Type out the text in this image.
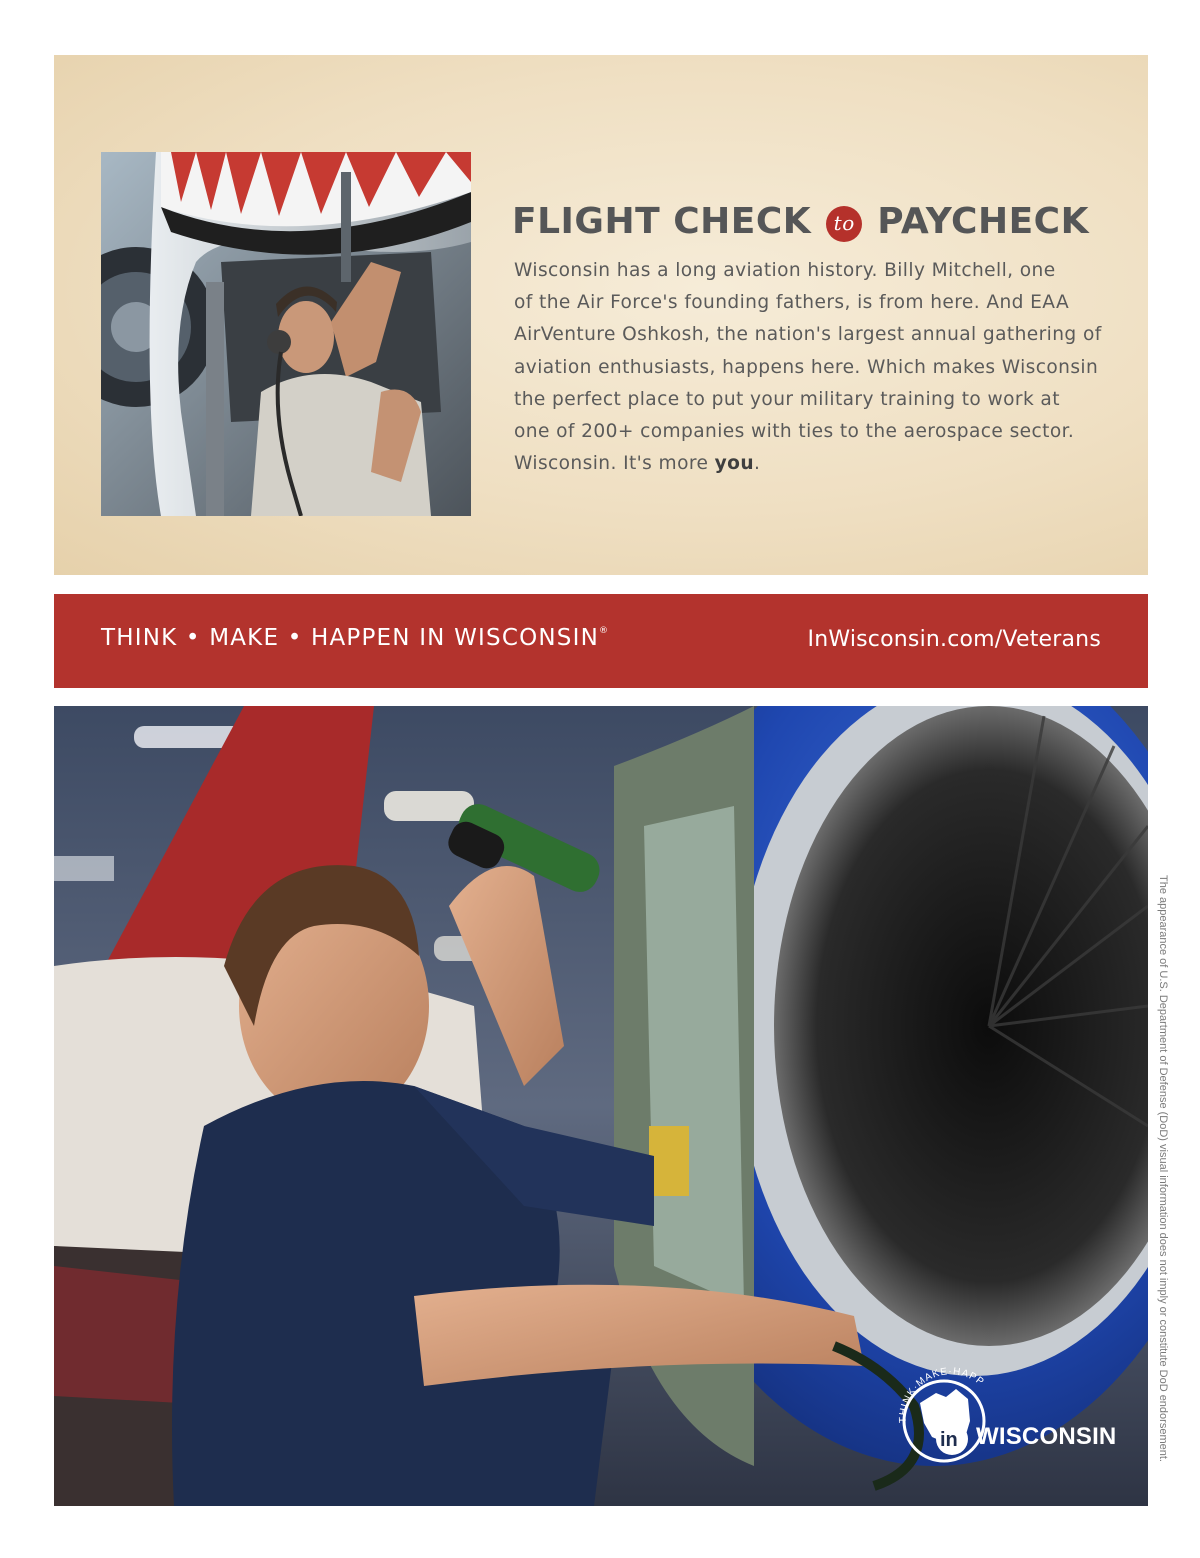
FLIGHT CHECK to PAYCHECK

Wisconsin has a long aviation history. Billy Mitchell, one
of the Air Force's founding fathers, is from here. And EAA
AirVenture Oshkosh, the nation's largest annual gathering of
aviation enthusiasts, happens here. Which makes Wisconsin
the perfect place to put your military training to work at
one of 200+ companies with ties to the aerospace sector.
Wisconsin. It's more you.

THINK • MAKE • HAPPEN IN WISCONSIN®	InWisconsin.com/Veterans
THINK·MAKE·HAPP
in WISCONSIN	The appearance of U.S. Department of Defense (DoD) visual information does not imply or constitute DoD endorsement.
